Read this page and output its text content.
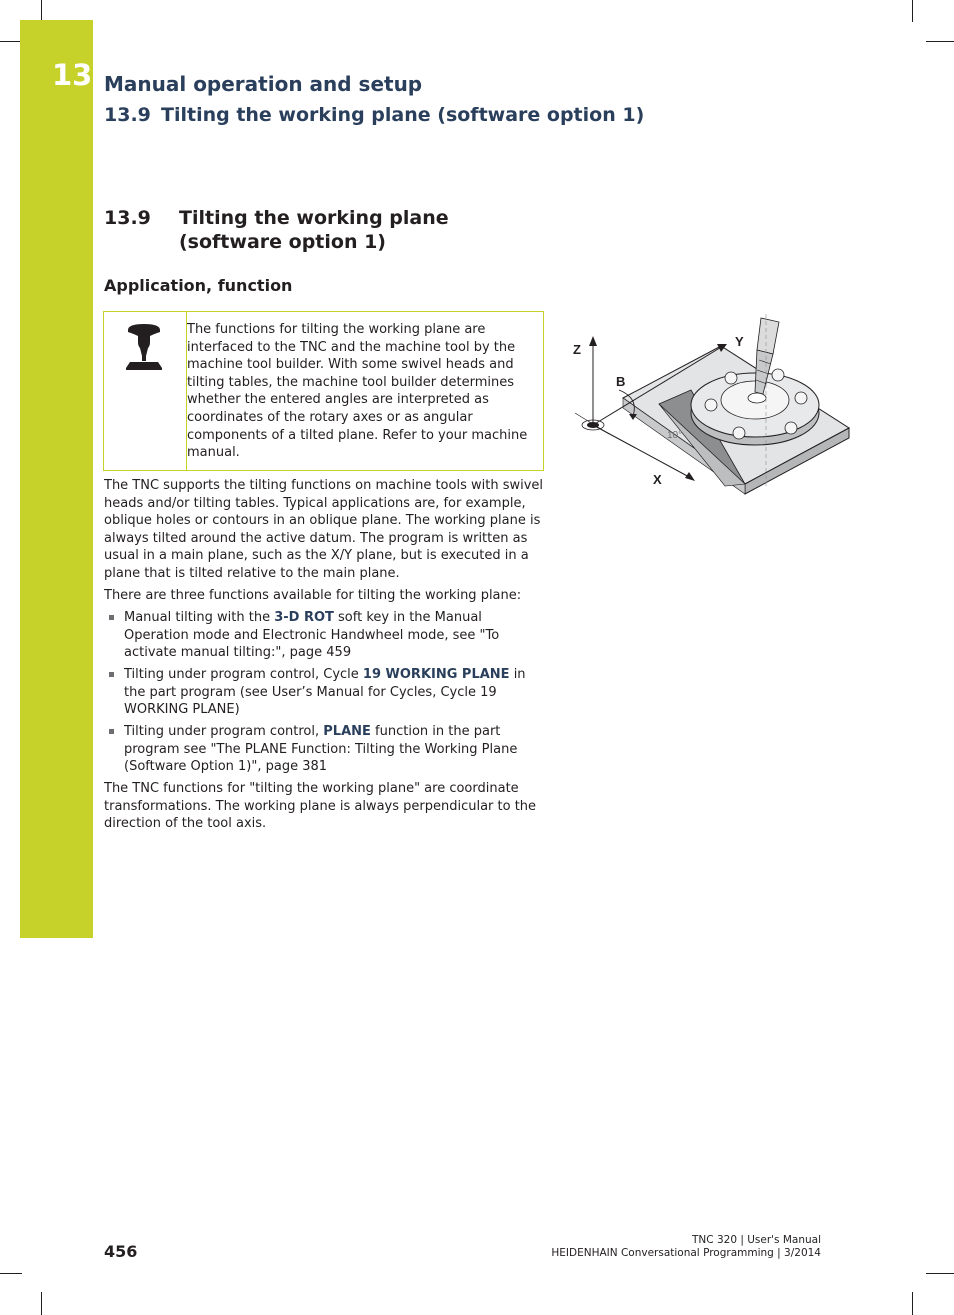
13 Manual operation and setup
13.9 Tilting the working plane (software option 1)
13.9	Tilting the working plane (software option 1)
Application, function
The functions for tilting the working plane are interfaced to the TNC and the machine tool by the machine tool builder. With some swivel heads and tilting tables, the machine tool builder determines whether the entered angles are interpreted as coordinates of the rotary axes or as angular components of a tilted plane. Refer to your machine manual.
The TNC supports the tilting functions on machine tools with swivel heads and/or tilting tables. Typical applications are, for example, oblique holes or contours in an oblique plane. The working plane is always tilted around the active datum. The program is written as usual in a main plane, such as the X/Y plane, but is executed in a plane that is tilted relative to the main plane.
There are three functions available for tilting the working plane:
Manual tilting with the 3-D ROT soft key in the Manual Operation mode and Electronic Handwheel mode, see "To activate manual tilting:", page 459
Tilting under program control, Cycle 19 WORKING PLANE in the part program (see User’s Manual for Cycles, Cycle 19 WORKING PLANE)
Tilting under program control, PLANE function in the part program see "The PLANE Function: Tilting the Working Plane (Software Option 1)", page 381
The TNC functions for "tilting the working plane" are coordinate transformations. The working plane is always perpendicular to the direction of the tool axis.
Z
Y
X
B
10°
456
TNC 320 | User's Manual
HEIDENHAIN Conversational Programming | 3/2014
